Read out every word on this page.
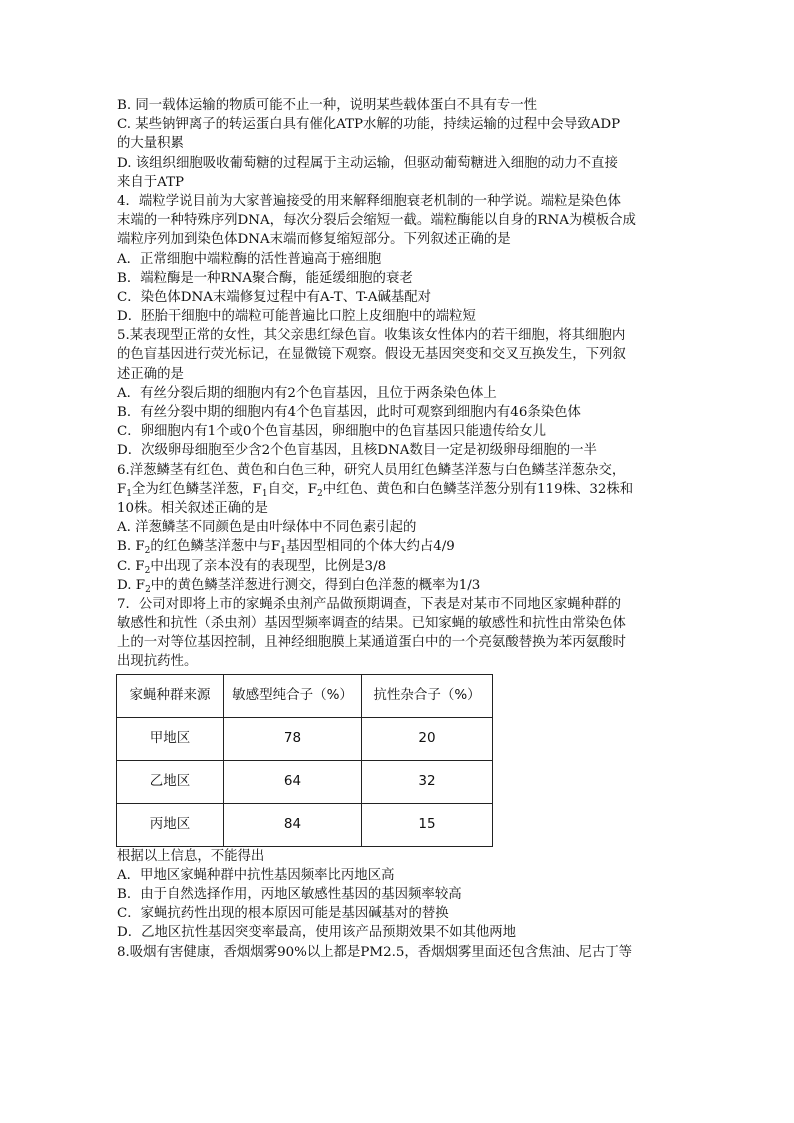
B. 同一载体运输的物质可能不止一种，说明某些载体蛋白不具有专一性
C. 某些钠钾离子的转运蛋白具有催化ATP水解的功能，持续运输的过程中会导致ADP
的大量积累
D. 该组织细胞吸收葡萄糖的过程属于主动运输，但驱动葡萄糖进入细胞的动力不直接
来自于ATP
4．端粒学说目前为大家普遍接受的用来解释细胞衰老机制的一种学说。端粒是染色体
末端的一种特殊序列DNA，每次分裂后会缩短一截。端粒酶能以自身的RNA为模板合成
端粒序列加到染色体DNA末端而修复缩短部分。下列叙述正确的是
A．正常细胞中端粒酶的活性普遍高于癌细胞
B．端粒酶是一种RNA聚合酶，能延缓细胞的衰老
C．染色体DNA末端修复过程中有A-T、T-A碱基配对
D．胚胎干细胞中的端粒可能普遍比口腔上皮细胞中的端粒短
5.某表现型正常的女性，其父亲患红绿色盲。收集该女性体内的若干细胞，将其细胞内
的色盲基因进行荧光标记，在显微镜下观察。假设无基因突变和交叉互换发生，下列叙
述正确的是
A．有丝分裂后期的细胞内有2个色盲基因，且位于两条染色体上
B．有丝分裂中期的细胞内有4个色盲基因，此时可观察到细胞内有46条染色体
C．卵细胞内有1个或0个色盲基因，卵细胞中的色盲基因只能遗传给女儿
D．次级卵母细胞至少含2个色盲基因，且核DNA数目一定是初级卵母细胞的一半
6.洋葱鳞茎有红色、黄色和白色三种，研究人员用红色鳞茎洋葱与白色鳞茎洋葱杂交，
$F_1$全为红色鳞茎洋葱，$F_1$自交，$F_2$中红色、黄色和白色鳞茎洋葱分别有119株、32株和
10株。相关叙述正确的是
A. 洋葱鳞茎不同颜色是由叶绿体中不同色素引起的
B. $F_2$的红色鳞茎洋葱中与$F_1$基因型相同的个体大约占4/9
C. $F_2$中出现了亲本没有的表现型，比例是3/8
D. $F_2$中的黄色鳞茎洋葱进行测交，得到白色洋葱的概率为1/3
7．公司对即将上市的家蝇杀虫剂产品做预期调查，下表是对某市不同地区家蝇种群的
敏感性和抗性（杀虫剂）基因型频率调查的结果。已知家蝇的敏感性和抗性由常染色体
上的一对等位基因控制，且神经细胞膜上某通道蛋白中的一个亮氨酸替换为苯丙氨酸时
出现抗药性。
家蝇种群来源	敏感型纯合子（%）	抗性杂合子（%）
甲地区	78	20
乙地区	64	32
丙地区	84	15
根据以上信息，不能得出
A．甲地区家蝇种群中抗性基因频率比丙地区高
B．由于自然选择作用，丙地区敏感性基因的基因频率较高
C．家蝇抗药性出现的根本原因可能是基因碱基对的替换
D．乙地区抗性基因突变率最高，使用该产品预期效果不如其他两地
8.吸烟有害健康，香烟烟雾90%以上都是PM2.5，香烟烟雾里面还包含焦油、尼古丁等
